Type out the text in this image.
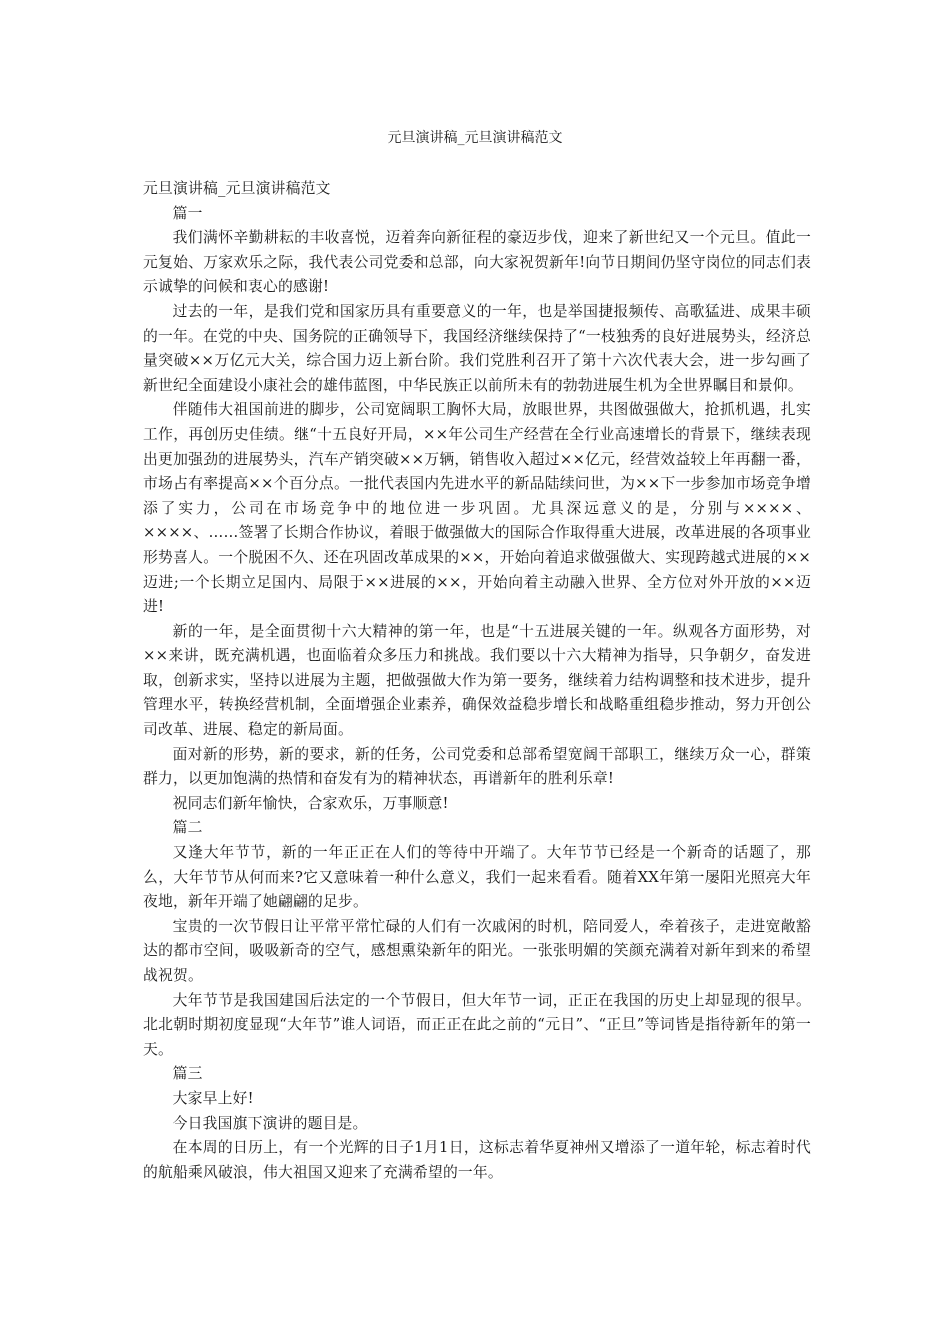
元旦演讲稿_元旦演讲稿范文

元旦演讲稿_元旦演讲稿范文

篇一

我们满怀辛勤耕耘的丰收喜悦，迈着奔向新征程的豪迈步伐，迎来了新世纪又一个元旦。值此一元复始、万家欢乐之际，我代表公司党委和总部，向大家祝贺新年!向节日期间仍坚守岗位的同志们表示诚挚的问候和衷心的感谢!

过去的一年，是我们党和国家历具有重要意义的一年，也是举国捷报频传、高歌猛进、成果丰硕的一年。在党的中央、国务院的正确领导下，我国经济继续保持了“一枝独秀的良好进展势头，经济总量突破××万亿元大关，综合国力迈上新台阶。我们党胜利召开了第十六次代表大会，进一步勾画了新世纪全面建设小康社会的雄伟蓝图，中华民族正以前所未有的勃勃进展生机为全世界瞩目和景仰。

伴随伟大祖国前进的脚步，公司宽阔职工胸怀大局，放眼世界，共图做强做大，抢抓机遇，扎实工作，再创历史佳绩。继“十五良好开局，××年公司生产经营在全行业高速增长的背景下，继续表现出更加强劲的进展势头，汽车产销突破××万辆，销售收入超过××亿元，经营效益较上年再翻一番，市场占有率提高××个百分点。一批代表国内先进水平的新品陆续问世，为××下一步参加市场竞争增添了实力，公司在市场竞争中的地位进一步巩固。尤具深远意义的是，分别与××××、××××、……签署了长期合作协议，着眼于做强做大的国际合作取得重大进展，改革进展的各项事业形势喜人。一个脱困不久、还在巩固改革成果的××，开始向着追求做强做大、实现跨越式进展的××迈进;一个长期立足国内、局限于××进展的××，开始向着主动融入世界、全方位对外开放的××迈进!

新的一年，是全面贯彻十六大精神的第一年，也是“十五进展关键的一年。纵观各方面形势，对××来讲，既充满机遇，也面临着众多压力和挑战。我们要以十六大精神为指导，只争朝夕，奋发进取，创新求实，坚持以进展为主题，把做强做大作为第一要务，继续着力结构调整和技术进步，提升管理水平，转换经营机制，全面增强企业素养，确保效益稳步增长和战略重组稳步推动，努力开创公司改革、进展、稳定的新局面。

面对新的形势，新的要求，新的任务，公司党委和总部希望宽阔干部职工，继续万众一心，群策群力，以更加饱满的热情和奋发有为的精神状态，再谱新年的胜利乐章!

祝同志们新年愉快，合家欢乐，万事顺意!

篇二

又逢大年节节，新的一年正正在人们的等待中开端了。大年节节已经是一个新奇的话题了，那么，大年节节从何而来?它又意味着一种什么意义，我们一起来看看。随着XX年第一屡阳光照亮大年夜地，新年开端了她翩翩的足步。

宝贵的一次节假日让平常平常忙碌的人们有一次戚闲的时机，陪同爱人，牵着孩子，走进宽敞豁达的都市空间，吸吸新奇的空气，感想熏染新年的阳光。一张张明媚的笑颜充满着对新年到来的希望战祝贺。

大年节节是我国建国后法定的一个节假日，但大年节一词，正正在我国的历史上却显现的很早。北北朝时期初度显现“大年节”谁人词语，而正正在此之前的“元日”、“正旦”等词皆是指待新年的第一天。

篇三

大家早上好!

今日我国旗下演讲的题目是。

在本周的日历上，有一个光辉的日子1月1日，这标志着华夏神州又增添了一道年轮，标志着时代的航船乘风破浪，伟大祖国又迎来了充满希望的一年。
